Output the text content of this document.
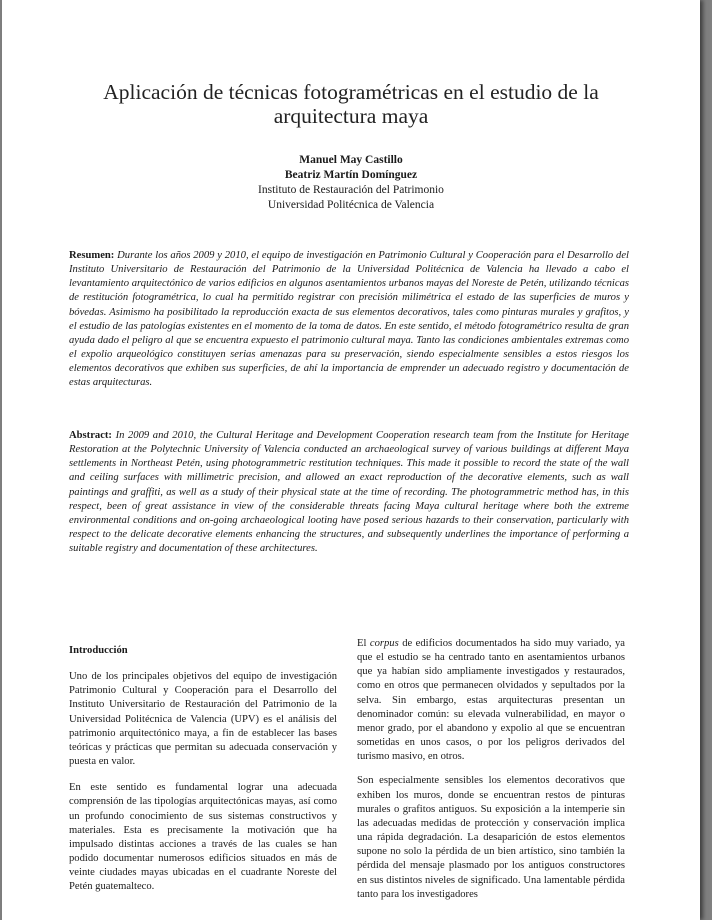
Aplicación de técnicas fotogramétricas en el estudio de la arquitectura maya
Manuel May Castillo
Beatriz Martín Domínguez
Instituto de Restauración del Patrimonio
Universidad Politécnica de Valencia
Resumen: Durante los años 2009 y 2010, el equipo de investigación en Patrimonio Cultural y Cooperación para el Desarrollo del Instituto Universitario de Restauración del Patrimonio de la Universidad Politécnica de Valencia ha llevado a cabo el levantamiento arquitectónico de varios edificios en algunos asentamientos urbanos mayas del Noreste de Petén, utilizando técnicas de restitución fotogramétrica, lo cual ha permitido registrar con precisión milimétrica el estado de las superficies de muros y bóvedas. Asimismo ha posibilitado la reproducción exacta de sus elementos decorativos, tales como pinturas murales y grafitos, y el estudio de las patologías existentes en el momento de la toma de datos. En este sentido, el método fotogramétrico resulta de gran ayuda dado el peligro al que se encuentra expuesto el patrimonio cultural maya. Tanto las condiciones ambientales extremas como el expolio arqueológico constituyen serias amenazas para su preservación, siendo especialmente sensibles a estos riesgos los elementos decorativos que exhiben sus superficies, de ahí la importancia de emprender un adecuado registro y documentación de estas arquitecturas.
Abstract: In 2009 and 2010, the Cultural Heritage and Development Cooperation research team from the Institute for Heritage Restoration at the Polytechnic University of Valencia conducted an archaeological survey of various buildings at different Maya settlements in Northeast Petén, using photogrammetric restitution techniques. This made it possible to record the state of the wall and ceiling surfaces with millimetric precision, and allowed an exact reproduction of the decorative elements, such as wall paintings and graffiti, as well as a study of their physical state at the time of recording. The photogrammetric method has, in this respect, been of great assistance in view of the considerable threats facing Maya cultural heritage where both the extreme environmental conditions and on-going archaeological looting have posed serious hazards to their conservation, particularly with respect to the delicate decorative elements enhancing the structures, and subsequently underlines the importance of performing a suitable registry and documentation of these architectures.
Introducción

Uno de los principales objetivos del equipo de investigación Patrimonio Cultural y Cooperación para el Desarrollo del Instituto Universitario de Restauración del Patrimonio de la Universidad Politécnica de Valencia (UPV) es el análisis del patrimonio arquitectónico maya, a fin de establecer las bases teóricas y prácticas que permitan su adecuada conservación y puesta en valor.

En este sentido es fundamental lograr una adecuada comprensión de las tipologías arquitectónicas mayas, así como un profundo conocimiento de sus sistemas constructivos y materiales. Esta es precisamente la motivación que ha impulsado distintas acciones a través de las cuales se han podido documentar numerosos edificios situados en más de veinte ciudades mayas ubicadas en el cuadrante Noreste del Petén guatemalteco.

El corpus de edificios documentados ha sido muy variado, ya que el estudio se ha centrado tanto en asentamientos urbanos que ya habían sido ampliamente investigados y restaurados, como en otros que permanecen olvidados y sepultados por la selva. Sin embargo, estas arquitecturas presentan un denominador común: su elevada vulnerabilidad, en mayor o menor grado, por el abandono y expolio al que se encuentran sometidas en unos casos, o por los peligros derivados del turismo masivo, en otros.

Son especialmente sensibles los elementos decorativos que exhiben los muros, donde se encuentran restos de pinturas murales o grafitos antiguos. Su exposición a la intemperie sin las adecuadas medidas de protección y conservación implica una rápida degradación. La desaparición de estos elementos supone no solo la pérdida de un bien artístico, sino también la pérdida del mensaje plasmado por los antiguos constructores en sus distintos niveles de significado. Una lamentable pérdida tanto para los investigadores
